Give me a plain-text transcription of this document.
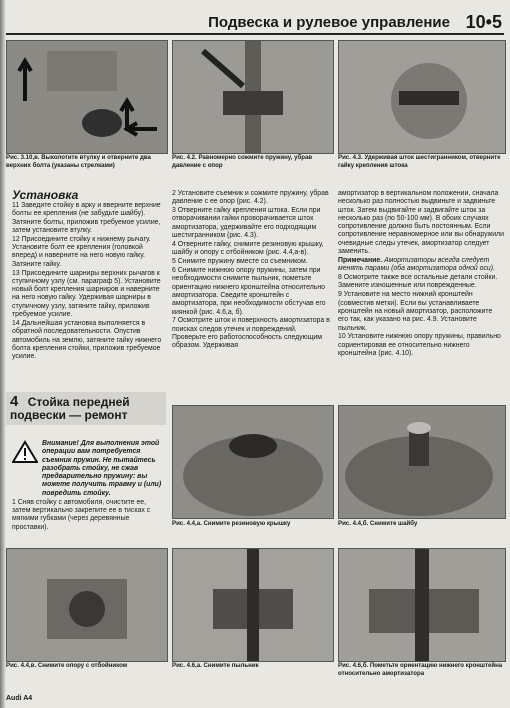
Подвеска и рулевое управление 10•5
Рис. 3.10,в. Выколотите втулку и отверните два верхних болта (указаны стрелками)
Рис. 4.2. Равномерно сожмите пружину, убрав давление с опор
Рис. 4.3. Удерживая шток шестигранником, отверните гайку крепления штока
Установка

11 Заведите стойку в арку и вверните верхние болты ее крепления (не забудьте шайбу). Затяните болты, приложив требуемое усилие, затем установите втулку.

12 Присоедините стойку к нижнему рычагу. Установите болт ее крепления (головкой вперед) и наверните на него новую гайку. Затяните гайку.

13 Присоедините шарниры верхних рычагов к ступичному узлу (см. параграф 5). Установите новый болт крепления шарниров и наверните на него новую гайку. Удерживая шарниры в ступичному узлу, затяните гайку, приложив требуемое усилие.

14 Дальнейшая установка выполняется в обратной последовательности. Опустив автомобиль на землю, затяните гайку нижнего болта крепления стойки, приложив требуемое усилие.

4 Стойка передней подвески — ремонт

Внимание! Для выполнения этой операции вам потребуется съемник пружин. Не пытайтесь разобрать стойку, не сжав предварительно пружину: вы можете получить травму и (или) повредить стойку.

1 Сняв стойку с автомобиля, очистите ее, затем вертикально закрепите ее в тисках с мягкими губками (через деревянные проставки).

2 Установите съемник и сожмите пружину, убрав давление с ее опор (рис. 4.2).

3 Отверните гайку крепления штока. Если при отворачивании гайки проворачивается шток амортизатора, удерживайте его подходящим шестигранником (рис. 4.3).

4 Отверните гайку, снимите резиновую крышку, шайбу и опору с отбойником (рис. 4.4,а-в).

5 Снимите пружину вместе со съемником.

6 Снимите нижнюю опору пружины, затем при необходимости снимите пыльник, пометьте ориентацию нижнего кронштейна относительно амортизатора. Сведите кронштейн с амортизатора, при необходимости обстучав его киянкой (рис. 4.6,а, б).

7 Осмотрите шток и поверхность амортизатора в поисках следов утечек и повреждений. Проверьте его работоспособность следующим образом. Удерживая

амортизатор в вертикальном положении, сначала несколько раз полностью выдвиньте и задвиньте шток. Затем выдвигайте и задвигайте шток за несколько раз (по 50-100 мм). В обоих случаях сопротивление должно быть постоянным. Если сопротивление неравномерное или вы обнаружили очевидные следы утечек, амортизатор следует заменить.

Примечание. Амортизаторы всегда следует менять парами (оба амортизатора одной оси).

8 Осмотрите также все остальные детали стойки. Замените изношенные или поврежденные.

9 Установите на место нижний кронштейн (совместив метки). Если вы устанавливаете кронштейн на новый амортизатор, расположите его так, как указано на рис. 4.9. Установите пыльник.

10 Установите нижнюю опору пружины, правильно сориентировав ее относительно нижнего кронштейна (рис. 4.10).

Рис. 4.4,а. Снимите резиновую крышку	Рис. 4.4,б. Снимите шайбу
Рис. 4.4,в. Снимите опору с отбойником	Рис. 4.6,а. Снимите пыльник	Рис. 4.6,б. Пометьте ориентацию нижнего кронштейна относительно амортизатора
Audi A4
